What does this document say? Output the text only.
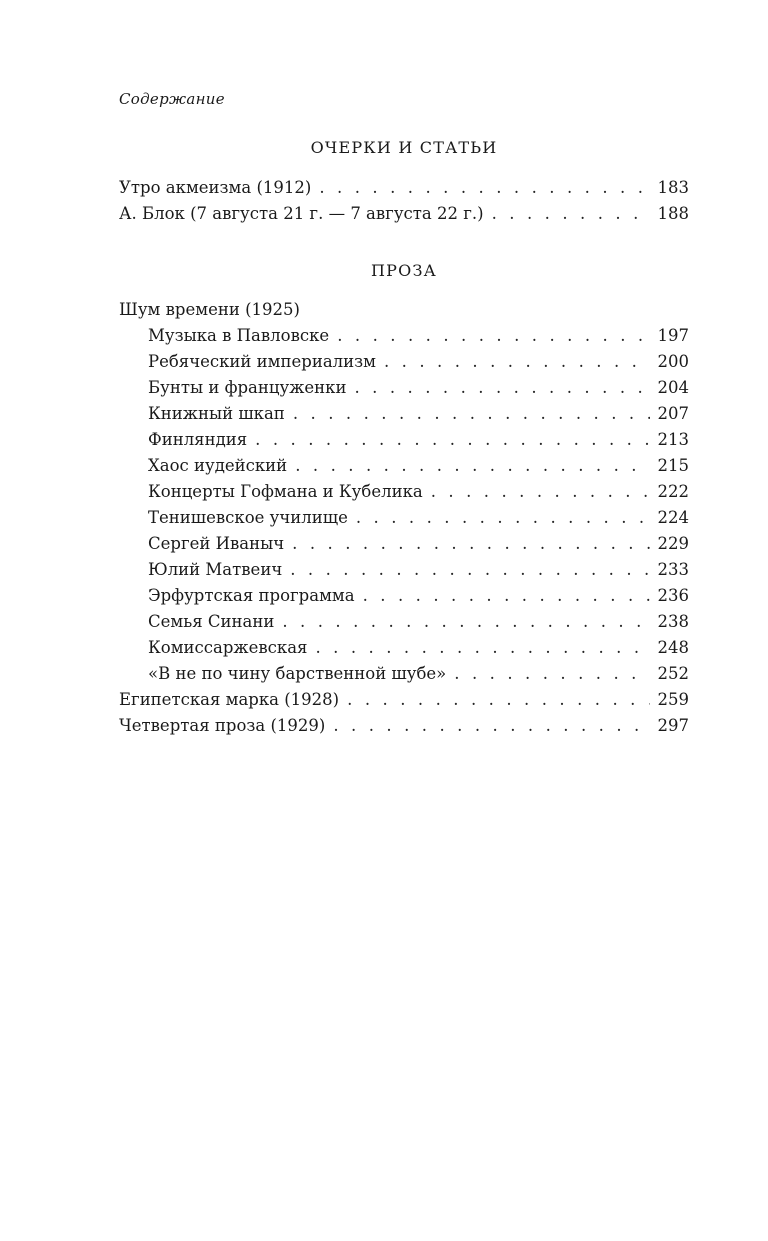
Содержание
ОЧЕРКИ И СТАТЬИ
Утро акмеизма (1912) . . .	183
А. Блок (7 августа 21 г. — 7 августа 22 г.) . . .	188
ПРОЗА
Шум времени (1925)
Музыка в Павловске . . .	197
Ребяческий империализм . . .	200
Бунты и француженки . . .	204
Книжный шкап . . .	207
Финляндия . . .	213
Хаос иудейский . . .	215
Концерты Гофмана и Кубелика . . .	222
Тенишевское училище . . .	224
Сергей Иваныч . . .	229
Юлий Матвеич . . .	233
Эрфуртская программа . . .	236
Семья Синани . . .	238
Комиссаржевская . . .	248
«В не по чину барственной шубе» . . .	252
Египетская марка (1928) . . .	259
Четвертая проза (1929) . . .	297
